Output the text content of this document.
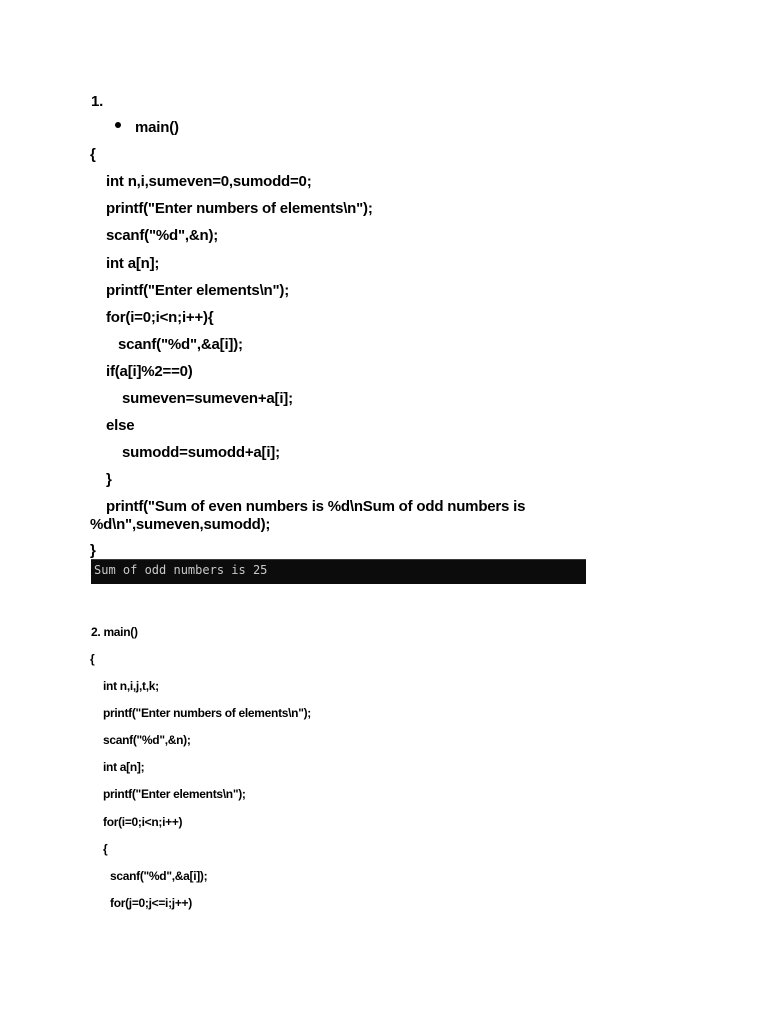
1.
main()
{
int n,i,sumeven=0,sumodd=0;
printf("Enter numbers of elements\n");
scanf("%d",&n);
int a[n];
printf("Enter elements\n");
for(i=0;i<n;i++){
scanf("%d",&a[i]);
if(a[i]%2==0)
sumeven=sumeven+a[i];
else
sumodd=sumodd+a[i];
}
printf("Sum of even numbers is %d\nSum of odd numbers is
%d\n",sumeven,sumodd);
}
Sum of odd numbers is 25
2. main()
{
int n,i,j,t,k;
printf("Enter numbers of elements\n");
scanf("%d",&n);
int a[n];
printf("Enter elements\n");
for(i=0;i<n;i++)
{
scanf("%d",&a[i]);
for(j=0;j<=i;j++)
